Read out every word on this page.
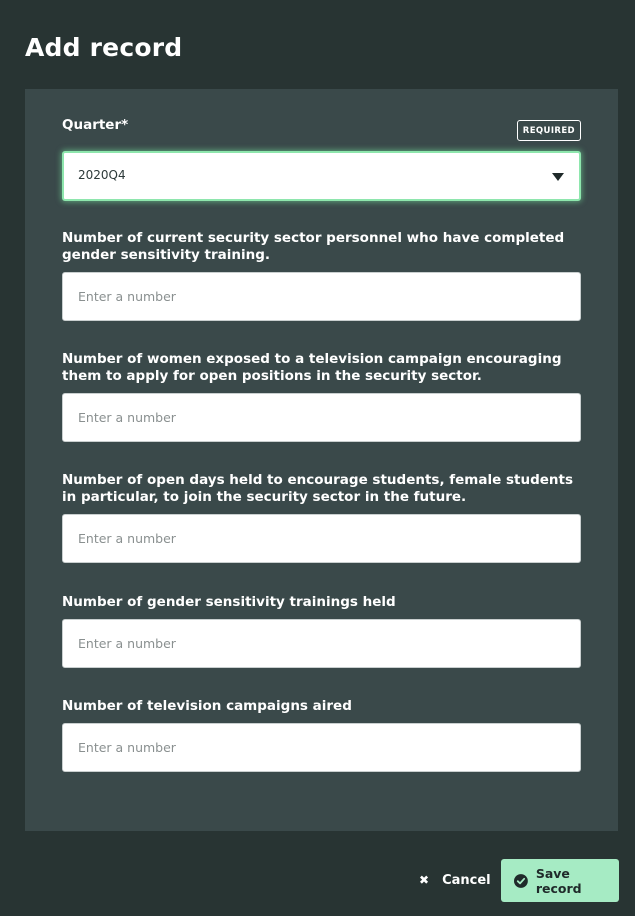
Add record
Quarter*	REQUIRED
2020Q4
Number of current security sector personnel who have completed gender sensitivity training.
Enter a number
Number of women exposed to a television campaign encouraging them to apply for open positions in the security sector.
Enter a number
Number of open days held to encourage students, female students in particular, to join the security sector in the future.
Enter a number
Number of gender sensitivity trainings held
Enter a number
Number of television campaigns aired
Enter a number
✖ Cancel	Save record
